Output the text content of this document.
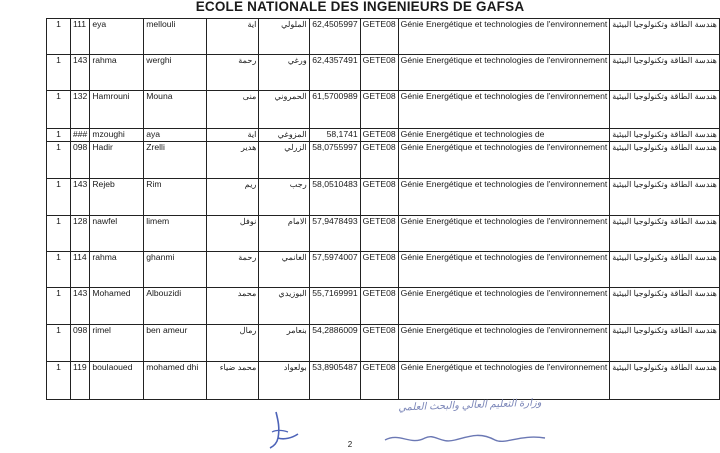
ECOLE NATIONALE DES INGENIEURS DE GAFSA
1	111	eya	mellouli	اية	الملولي	62,4505997	GETE08	Génie Energétique et technologies de l'environnement	هندسة الطاقة وتكنولوجيا البيئية
1	143	rahma	werghi	رحمة	ورغي	62,4357491	GETE08	Génie Energétique et technologies de l'environnement	هندسة الطاقة وتكنولوجيا البيئية
1	132	Hamrouni	Mouna	منى	الحمروني	61,5700989	GETE08	Génie Energétique et technologies de l'environnement	هندسة الطاقة وتكنولوجيا البيئية
1	###	mzoughi	aya	اية	المزوغي	58,1741	GETE08	Génie Energétique et technologies de	هندسة الطاقة وتكنولوجيا البيئية
1	098	Hadir	Zrelli	هدير	الزرلي	58,0755997	GETE08	Génie Energétique et technologies de l'environnement	هندسة الطاقة وتكنولوجيا البيئية
1	143	Rejeb	Rim	ريم	رجب	58,0510483	GETE08	Génie Energétique et technologies de l'environnement	هندسة الطاقة وتكنولوجيا البيئية
1	128	nawfel	limem	نوفل	الامام	57,9478493	GETE08	Génie Energétique et technologies de l'environnement	هندسة الطاقة وتكنولوجيا البيئية
1	114	rahma	ghanmi	رحمة	الغانمي	57,5974007	GETE08	Génie Energétique et technologies de l'environnement	هندسة الطاقة وتكنولوجيا البيئية
1	143	Mohamed	Albouzidi	محمد	البوزيدي	55,7169991	GETE08	Génie Energétique et technologies de l'environnement	هندسة الطاقة وتكنولوجيا البيئية
1	098	rimel	ben ameur	رمال	بنعامر	54,2886009	GETE08	Génie Energétique et technologies de l'environnement	هندسة الطاقة وتكنولوجيا البيئية
1	119	boulaoued	mohamed dhi	محمد ضياء	بولعواد	53,8905487	GETE08	Génie Energétique et technologies de l'environnement	هندسة الطاقة وتكنولوجيا البيئية
وزارة التعليم العالي والبحث العلمي
2
